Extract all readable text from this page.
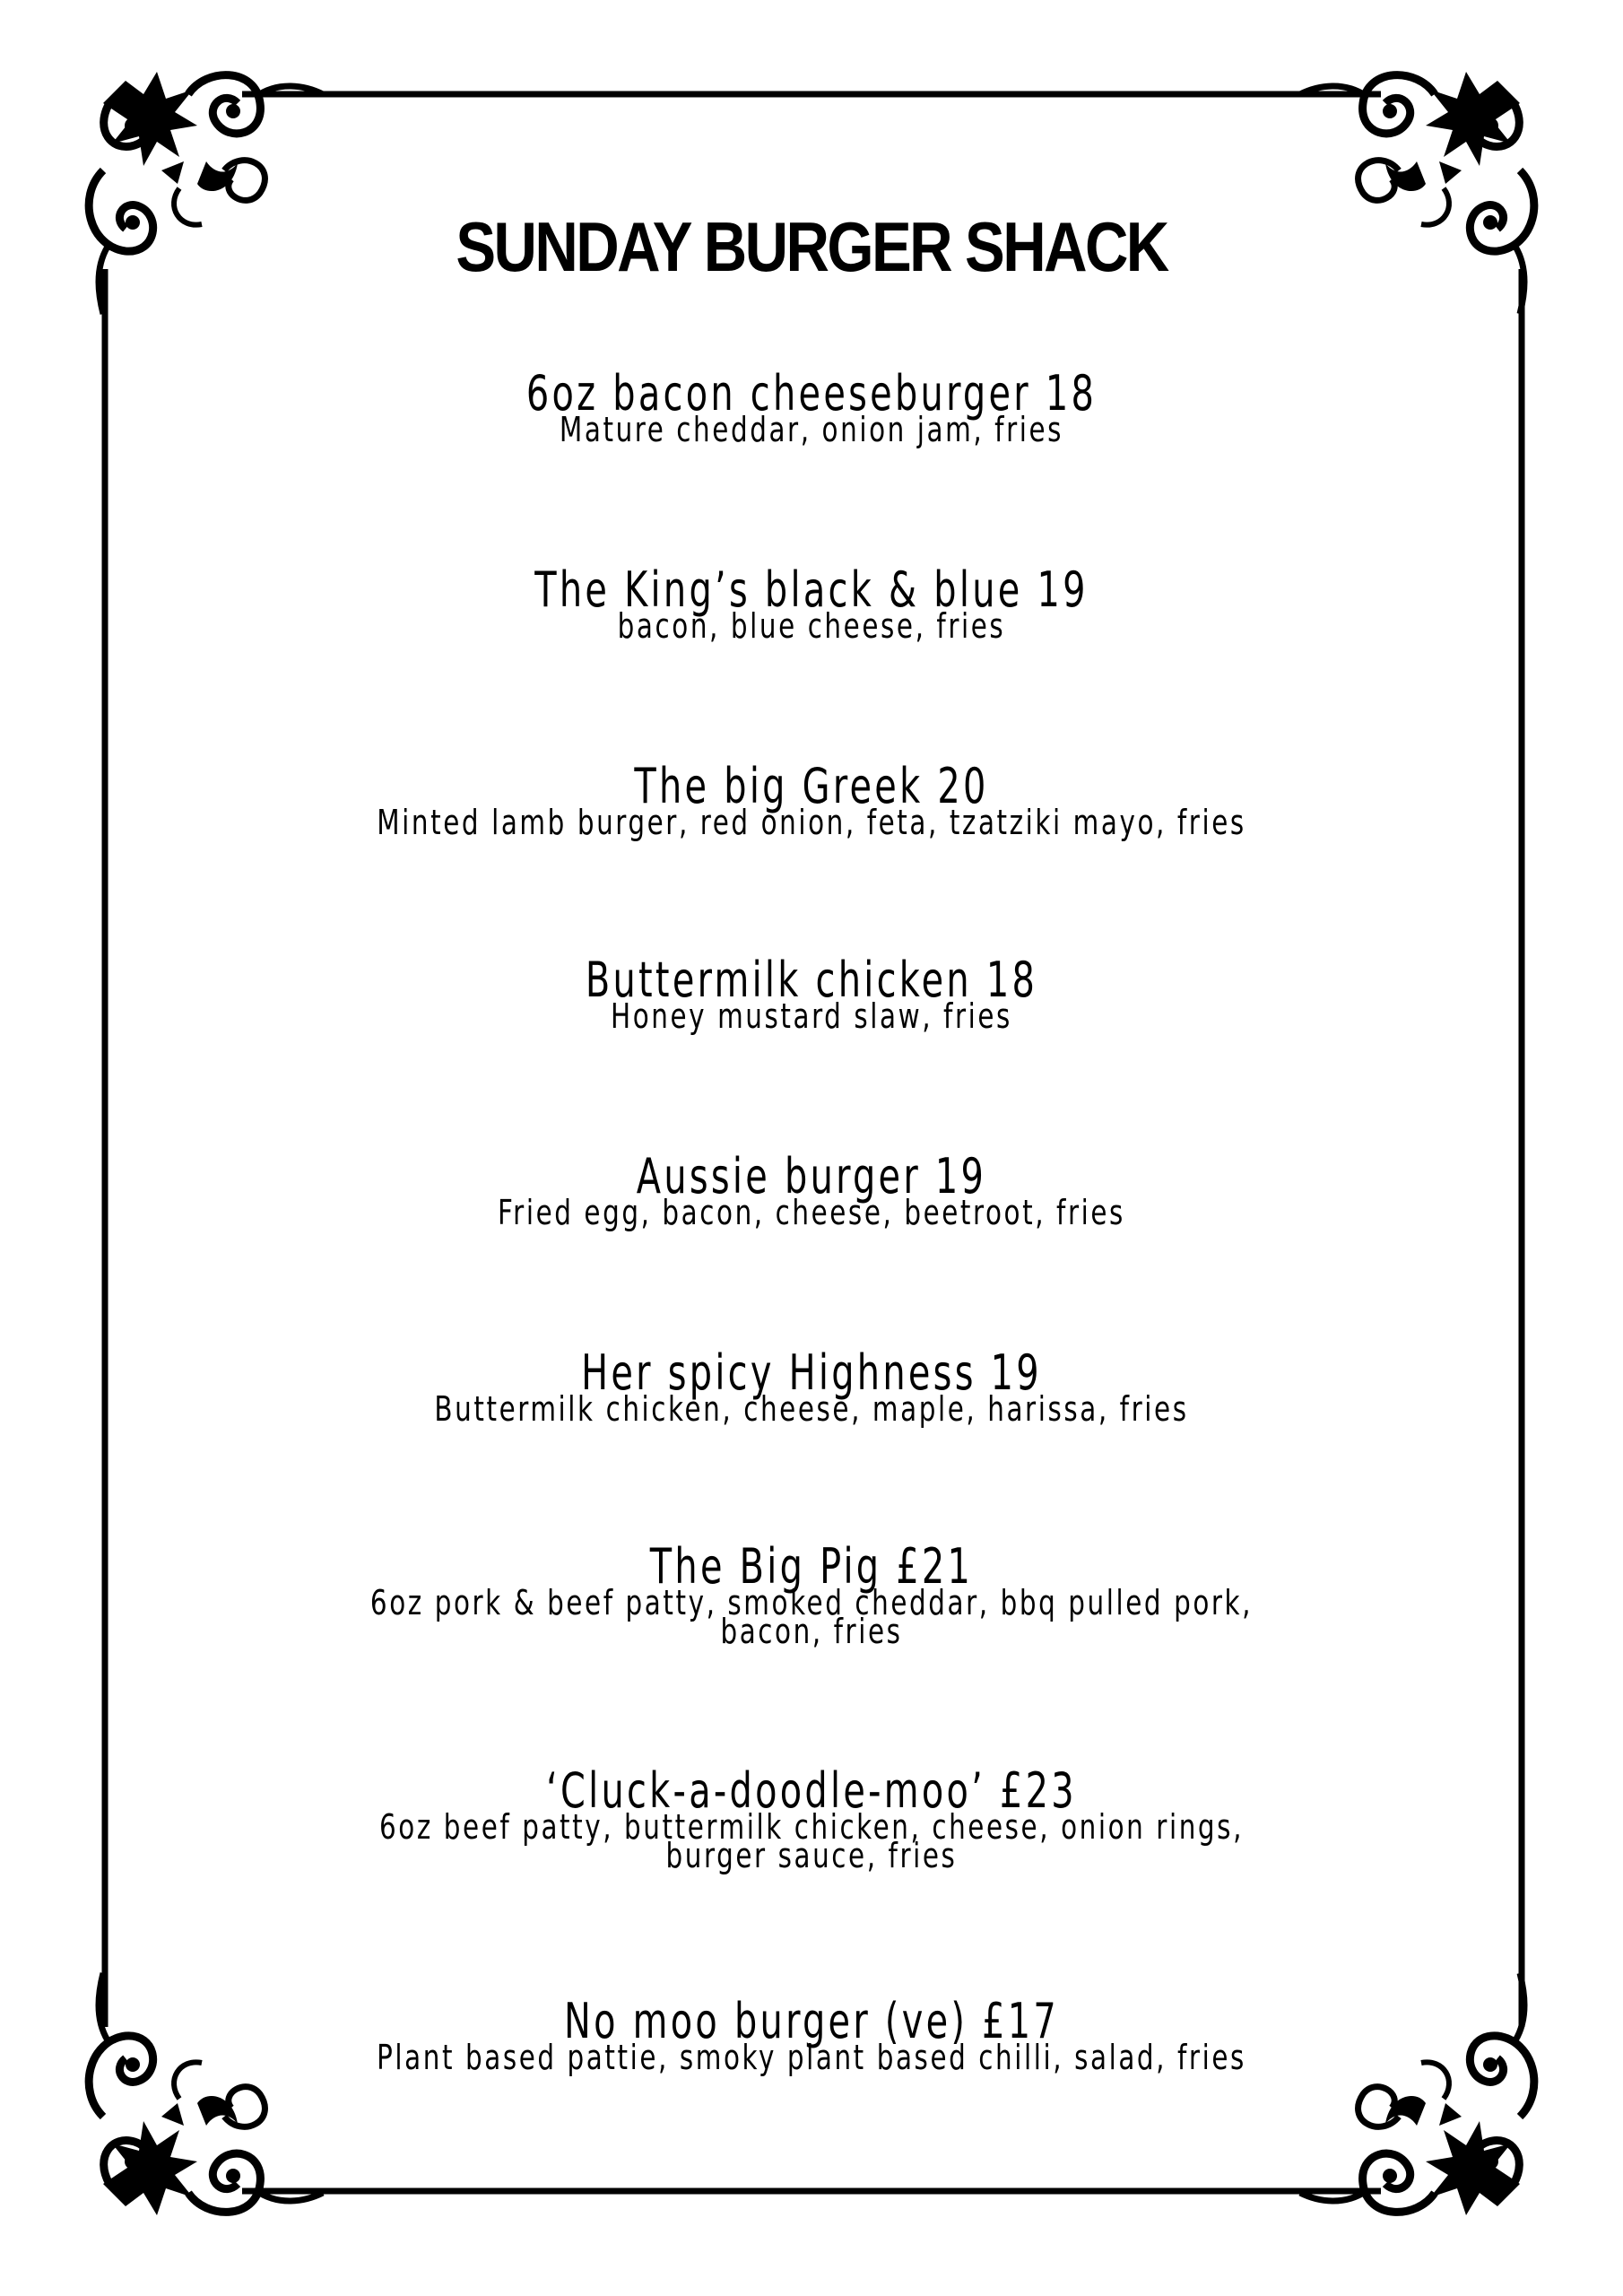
SUNDAY BURGER SHACK
6oz bacon cheeseburger 18
Mature cheddar, onion jam, fries
The King’s black & blue 19
bacon, blue cheese, fries
The big Greek 20
Minted lamb burger, red onion, feta, tzatziki mayo, fries
Buttermilk chicken 18
Honey mustard slaw, fries
Aussie burger 19
Fried egg, bacon, cheese, beetroot, fries
Her spicy Highness 19
Buttermilk chicken, cheese, maple, harissa, fries
The Big Pig £21
6oz pork & beef patty, smoked cheddar, bbq pulled pork,
bacon, fries
‘Cluck-a-doodle-moo’ £23
6oz beef patty, buttermilk chicken, cheese, onion rings,
burger sauce, fries
No moo burger (ve) £17
Plant based pattie, smoky plant based chilli, salad, fries
